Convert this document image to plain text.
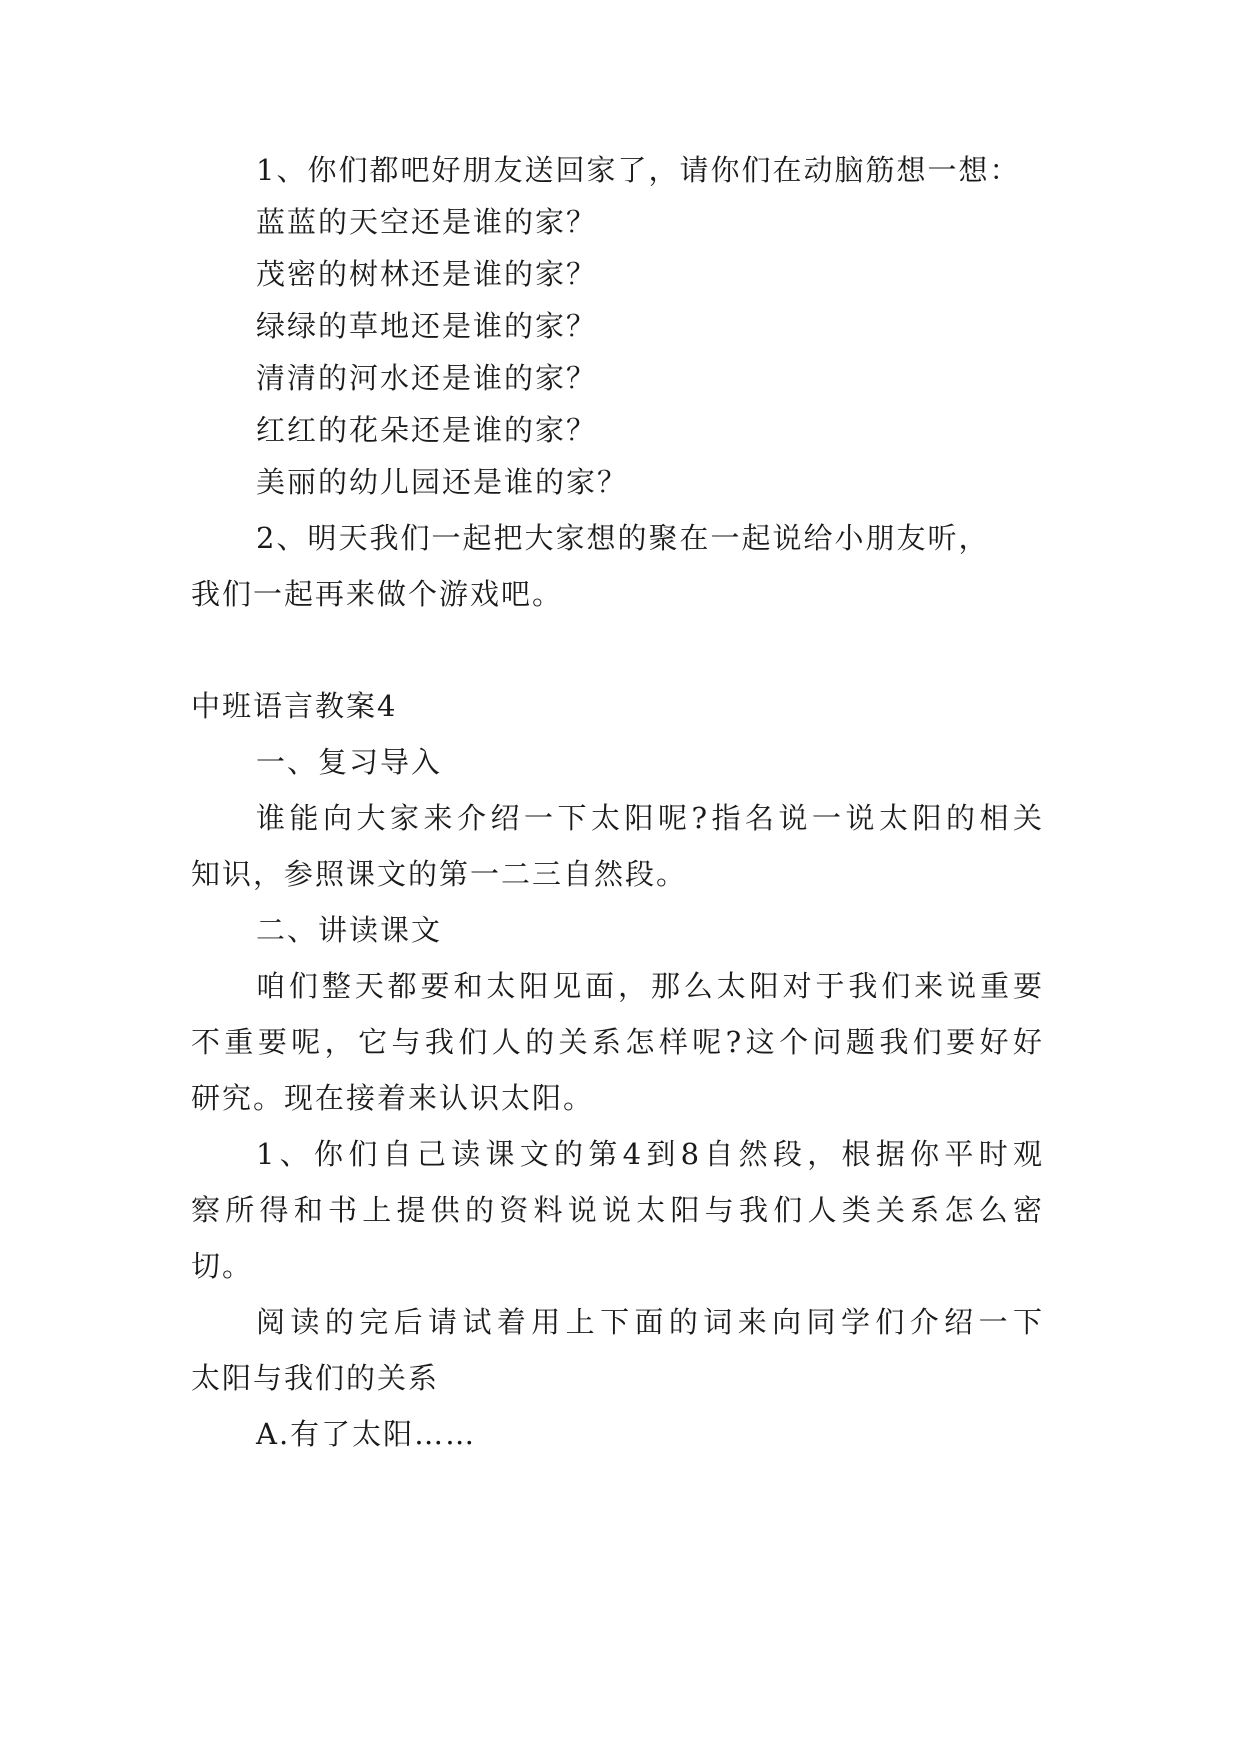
1、你们都吧好朋友送回家了，请你们在动脑筋想一想：
蓝蓝的天空还是谁的家？
茂密的树林还是谁的家？
绿绿的草地还是谁的家？
清清的河水还是谁的家？
红红的花朵还是谁的家？
美丽的幼儿园还是谁的家？
2、明天我们一起把大家想的聚在一起说给小朋友听，
我们一起再来做个游戏吧。
中班语言教案4
一、复习导入
谁能向大家来介绍一下太阳呢?指名说一说太阳的相关
知识，参照课文的第一二三自然段。
二、讲读课文
咱们整天都要和太阳见面，那么太阳对于我们来说重要
不重要呢，它与我们人的关系怎样呢?这个问题我们要好好
研究。现在接着来认识太阳。
1、你们自己读课文的第4到8自然段，根据你平时观
察所得和书上提供的资料说说太阳与我们人类关系怎么密
切。
阅读的完后请试着用上下面的词来向同学们介绍一下
太阳与我们的关系
A.有了太阳……
